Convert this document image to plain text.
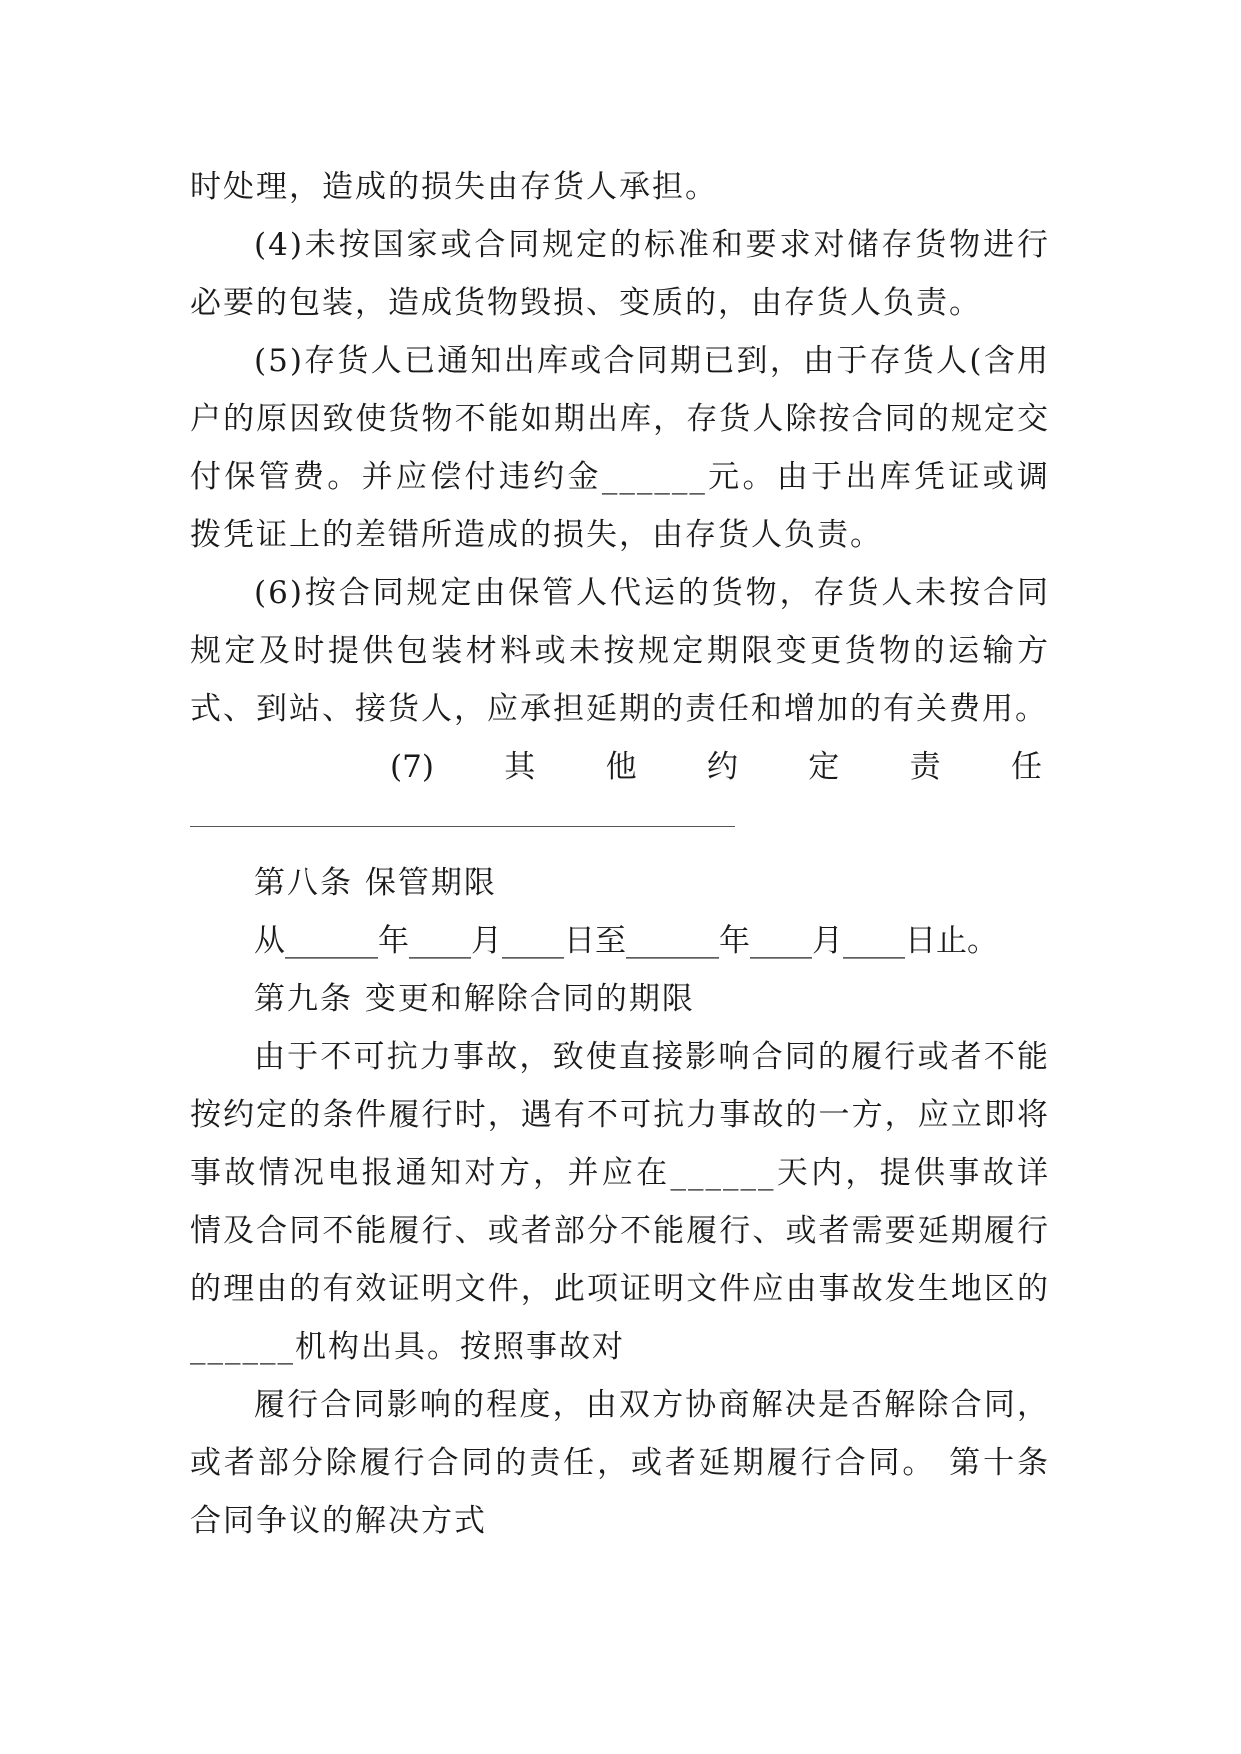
时处理，造成的损失由存货人承担。

(4)未按国家或合同规定的标准和要求对储存货物进行必要的包装，造成货物毁损、变质的，由存货人负责。

(5)存货人已通知出库或合同期已到，由于存货人(含用户的原因致使货物不能如期出库，存货人除按合同的规定交付保管费。并应偿付违约金______元。由于出库凭证或调拨凭证上的差错所造成的损失，由存货人负责。

(6)按合同规定由保管人代运的货物，存货人未按合同规定及时提供包装材料或未按规定期限变更货物的运输方式、到站、接货人，应承担延期的责任和增加的有关费用。

(7) 其 他 约 定 责 任

第八条 保管期限

从______年____月____日至______年____月____日止。

第九条 变更和解除合同的期限

由于不可抗力事故，致使直接影响合同的履行或者不能按约定的条件履行时，遇有不可抗力事故的一方，应立即将事故情况电报通知对方，并应在______天内，提供事故详情及合同不能履行、或者部分不能履行、或者需要延期履行的理由的有效证明文件，此项证明文件应由事故发生地区的______机构出具。按照事故对

履行合同影响的程度，由双方协商解决是否解除合同，或者部分除履行合同的责任，或者延期履行合同。 第十条合同争议的解决方式
